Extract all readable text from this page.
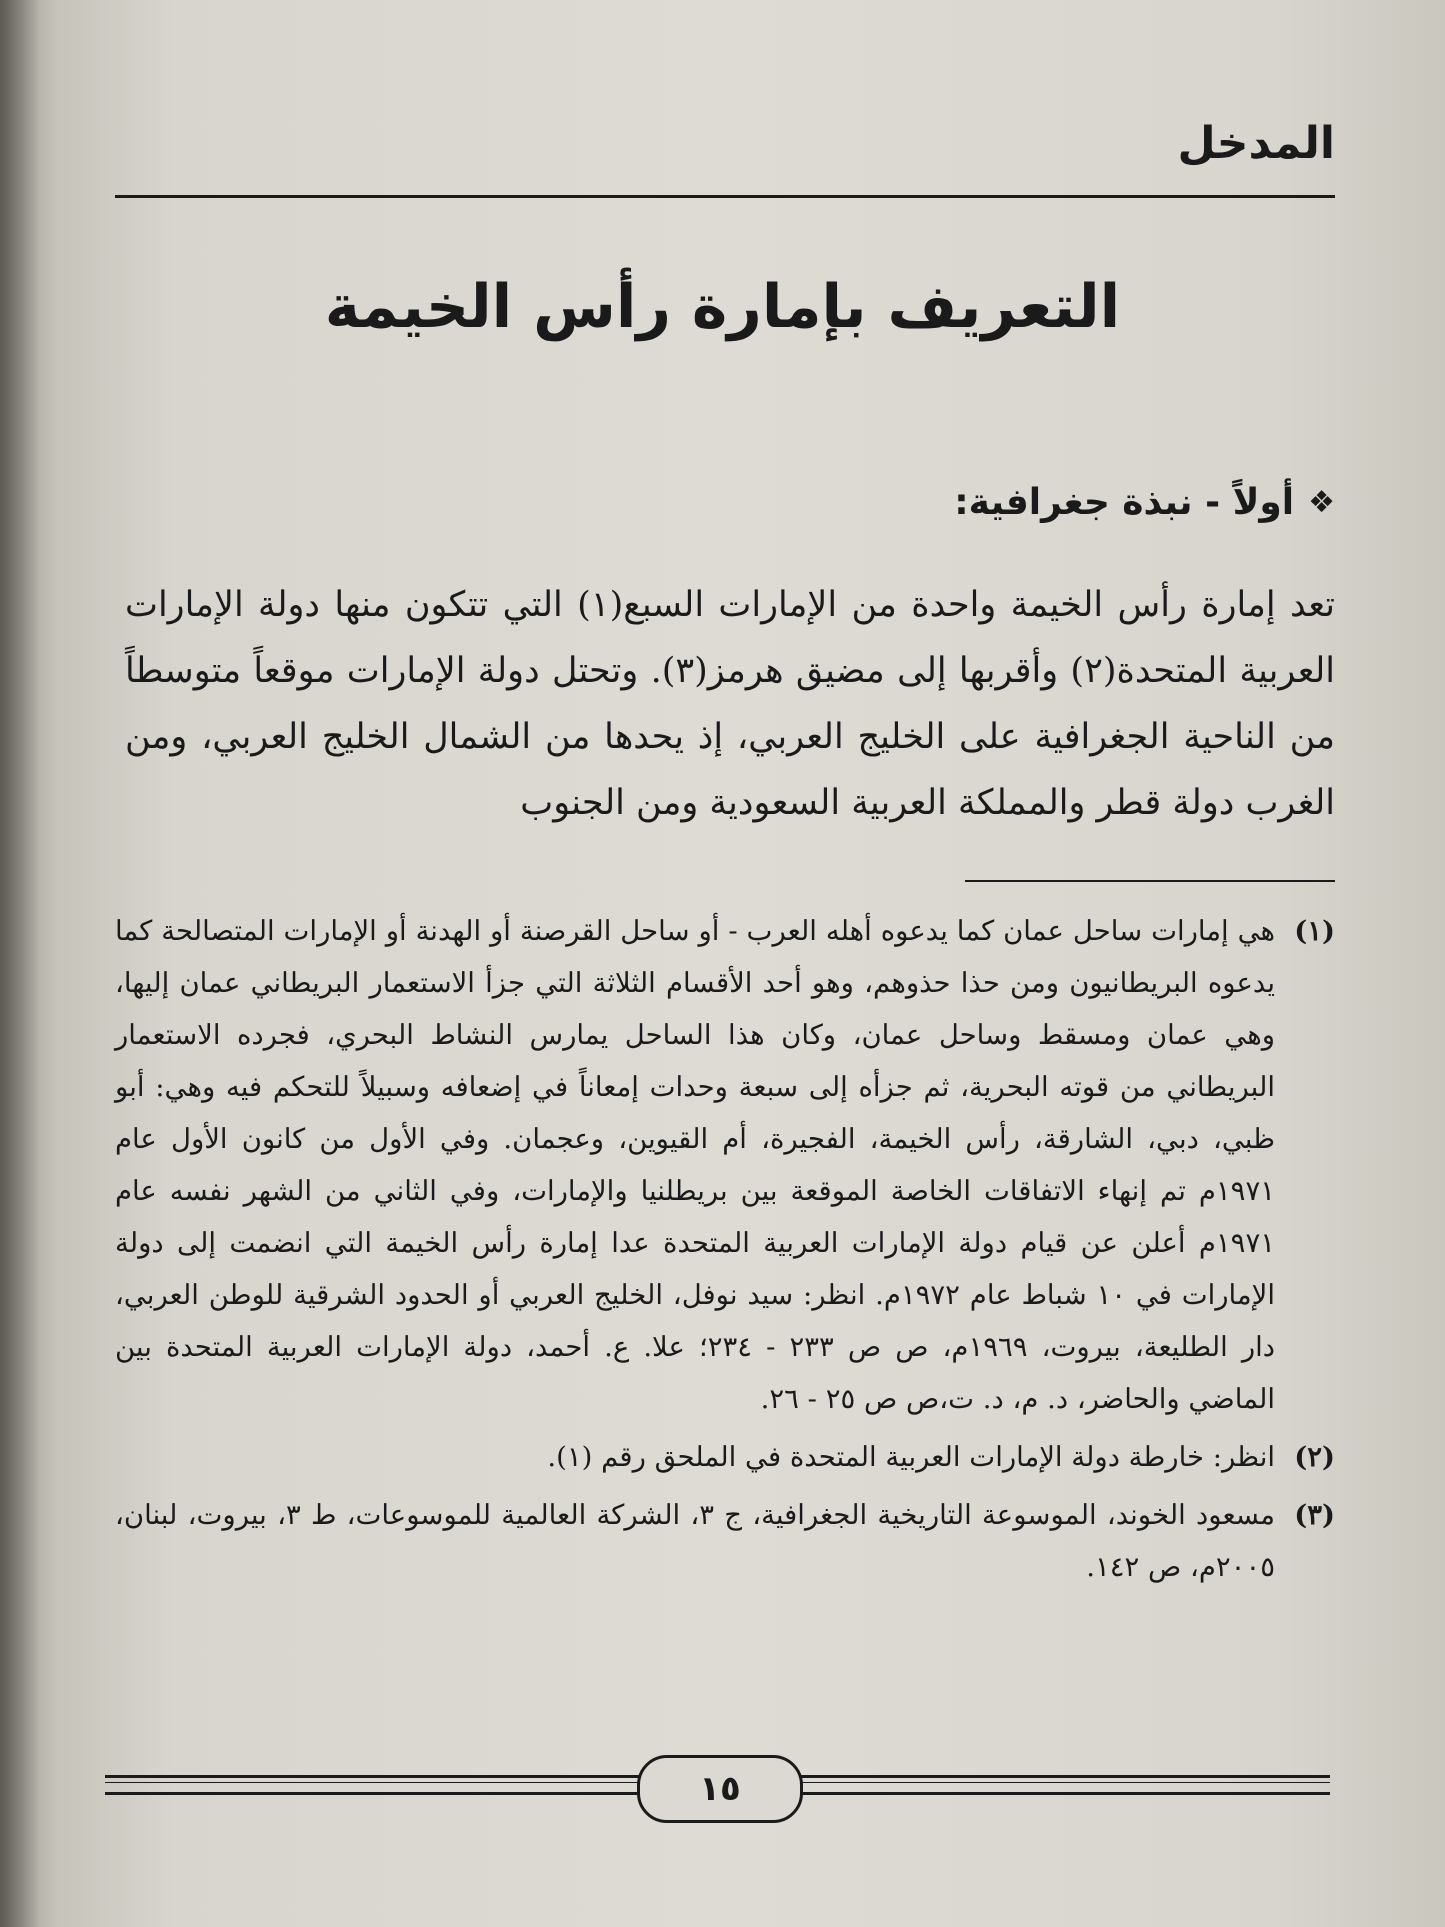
المدخل
التعريف بإمارة رأس الخيمة
❖
أولاً - نبذة جغرافية:

تعد إمارة رأس الخيمة واحدة من الإمارات السبع(١) التي تتكون منها دولة الإمارات العربية المتحدة(٢) وأقربها إلى مضيق هرمز(٣). وتحتل دولة الإمارات موقعاً متوسطاً من الناحية الجغرافية على الخليج العربي، إذ يحدها من الشمال الخليج العربي، ومن الغرب دولة قطر والمملكة العربية السعودية ومن الجنوب

(١)
هي إمارات ساحل عمان كما يدعوه أهله العرب - أو ساحل القرصنة أو الهدنة أو الإمارات المتصالحة كما يدعوه البريطانيون ومن حذا حذوهم، وهو أحد الأقسام الثلاثة التي جزأ الاستعمار البريطاني عمان إليها، وهي عمان ومسقط وساحل عمان، وكان هذا الساحل يمارس النشاط البحري، فجرده الاستعمار البريطاني من قوته البحرية، ثم جزأه إلى سبعة وحدات إمعاناً في إضعافه وسبيلاً للتحكم فيه وهي: أبو ظبي، دبي، الشارقة، رأس الخيمة، الفجيرة، أم القيوين، وعجمان. وفي الأول من كانون الأول عام ١٩٧١م تم إنهاء الاتفاقات الخاصة الموقعة بين بريطلنيا والإمارات، وفي الثاني من الشهر نفسه عام ١٩٧١م أعلن عن قيام دولة الإمارات العربية المتحدة عدا إمارة رأس الخيمة التي انضمت إلى دولة الإمارات في ١٠ شباط عام ١٩٧٢م. انظر: سيد نوفل، الخليج العربي أو الحدود الشرقية للوطن العربي، دار الطليعة، بيروت، ١٩٦٩م، ص ص ٢٣٣ - ٢٣٤؛ علا. ع. أحمد، دولة الإمارات العربية المتحدة بين الماضي والحاضر، د. م، د. ت،ص ص ٢٥ - ٢٦.
(٢)
انظر: خارطة دولة الإمارات العربية المتحدة في الملحق رقم (١).
(٣)
مسعود الخوند، الموسوعة التاريخية الجغرافية، ج ٣، الشركة العالمية للموسوعات، ط ٣، بيروت، لبنان، ٢٠٠٥م، ص ١٤٢.
١٥
